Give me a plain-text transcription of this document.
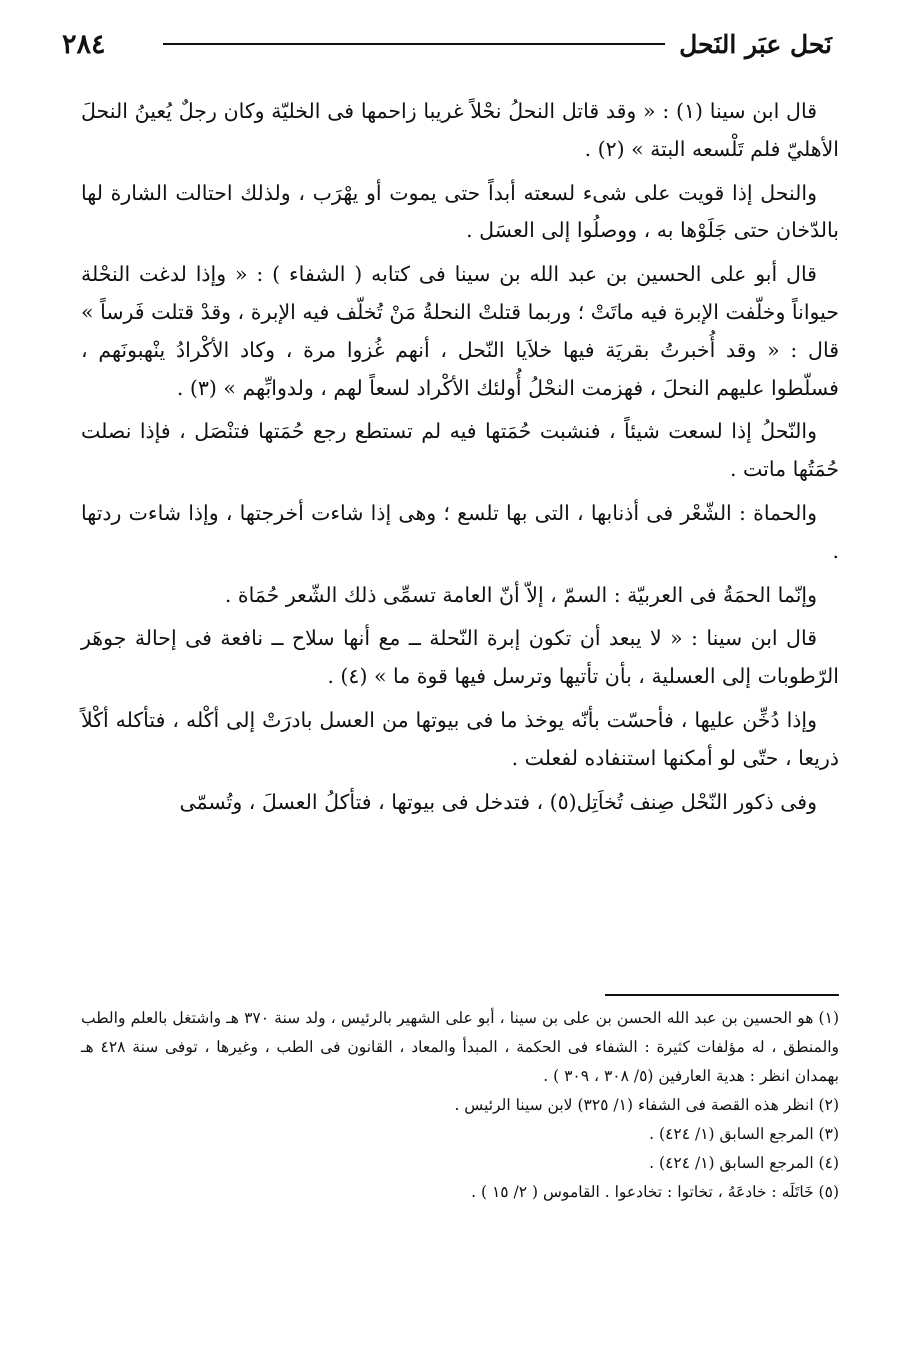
٢٨٤	نَحل عبَر النَحل

قال ابن سينا (١) : « وقد قاتل النحلُ نحْلاً غريبا زاحمها فى الخليّة وكان رجلٌ يُعينُ النحلَ الأهليّ فلم تَلْسعه البتة » (٢) .

والنحل إذا قويت على شىء لسعته أبداً حتى يموت أو يهْرَب ، ولذلك احتالت الشارة لها بالدّخان حتى جَلَوْها به ، ووصلُوا إلى العسَل .

قال أبو على الحسين بن عبد الله بن سينا فى كتابه ( الشفاء ) : « وإذا لدغت النحْلة حيواناً وخلّفت الإبرة فيه ماتَتْ ؛ وربما قتلتْ النحلةُ مَنْ تُخلّف فيه الإبرة ، وقدْ قتلت فَرساً » قال : « وقد أُخبرتُ بقريَة فيها خلاَيا النّحل ، أنهم غُزوا مرة ، وكاد الأكْرادُ ينْهبونَهم ، فسلّطوا عليهم النحلَ ، فهزمت النحْلُ أُولئك الأكْراد لسعاً لهم ، ولدوابِّهم » (٣) .

والنّحلُ إذا لسعت شيئاً ، فنشبت حُمَتها فيه لم تستطع رجع حُمَتها فتنْصَل ، فإذا نصلت حُمَتُها ماتت .

والحماة : الشّعْر فى أذنابها ، التى بها تلسع ؛ وهى إذا شاءت أخرجتها ، وإذا شاءت ردتها .

وإنّما الحمَةُ فى العربيّة : السمّ ، إلاّ أنّ العامة تسمِّى ذلك الشّعر حُمَاة .

قال ابن سينا : « لا يبعد أن تكون إبرة النّحلة ــ مع أنها سلاح ــ نافعة فى إحالة جوهَر الرّطوبات إلى العسلية ، بأن تأتيها وترسل فيها قوة ما » (٤) .

وإذا دُخِّن عليها ، فأحسّت بأنّه يوخذ ما فى بيوتها من العسل بادرَتْ إلى أكْله ، فتأكله أكْلاً ذريعا ، حتّى لو أمكنها استنفاده لفعلت .

وفى ذكور النّحْل صِنف تُخاَتِل(٥) ، فتدخل فى بيوتها ، فتأكلُ العسلَ ، وتُسمّى

(١) هو الحسين بن عبد الله الحسن بن على بن سينا ، أبو على الشهير بالرئيس ، ولد سنة ٣٧٠ هـ واشتغل بالعلم والطب والمنطق ، له مؤلفات كثيرة : الشفاء فى الحكمة ، المبدأ والمعاد ، القانون فى الطب ، وغيرها ، توفى سنة ٤٢٨ هـ بهمدان انظر : هدية العارفين (٥/ ٣٠٨ ، ٣٠٩ ) .

(٢) انظر هذه القصة فى الشفاء (١/ ٣٢٥) لابن سينا الرئيس .

(٣) المرجع السابق (١/ ٤٢٤) .

(٤) المرجع السابق (١/ ٤٢٤) .

(٥) خَاتَلَه : خادعَهُ ، تخاتوا : تخادعوا . القاموس ( ٢/ ١٥ ) .
